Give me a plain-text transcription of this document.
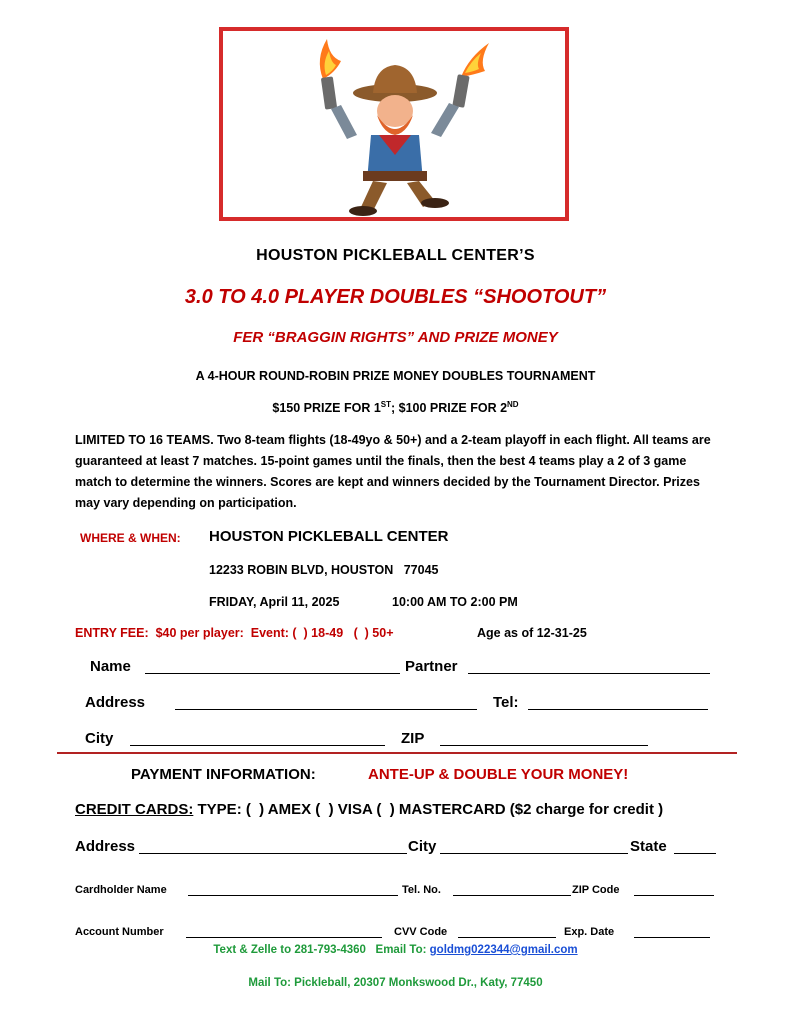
HOUSTON PICKLEBALL CENTER’S
3.0 TO 4.0 PLAYER DOUBLES “SHOOTOUT”
FER “BRAGGIN RIGHTS” AND PRIZE MONEY
A 4-HOUR ROUND-ROBIN PRIZE MONEY DOUBLES TOURNAMENT
$150 PRIZE FOR 1ST; $100 PRIZE FOR 2ND
LIMITED TO 16 TEAMS. Two 8-team flights (18-49yo & 50+) and a 2-team playoff in each flight. All teams are guaranteed at least 7 matches. 15-point games until the finals, then the best 4 teams play a 2 of 3 game match to determine the winners. Scores are kept and winners decided by the Tournament Director. Prizes may vary depending on participation.
WHERE & WHEN: HOUSTON PICKLEBALL CENTER
12233 ROBIN BLVD, HOUSTON   77045
FRIDAY, April 11, 2025	10:00 AM TO 2:00 PM
ENTRY FEE:  $40 per player:  Event: (  ) 18-49   (  ) 50+	Age as of 12-31-25
Name	Partner
Address	Tel:
City	ZIP
PAYMENT INFORMATION:	ANTE-UP & DOUBLE YOUR MONEY!
CREDIT CARDS: TYPE: (  ) AMEX (  ) VISA (  ) MASTERCARD ($2 charge for credit )
Address	City	State
Cardholder Name	Tel. No.	ZIP Code
Account Number	CVV Code	Exp. Date
Text & Zelle to 281-793-4360 Email To: goldmg022344@gmail.com
Mail To: Pickleball, 20307 Monkswood Dr., Katy, 77450
